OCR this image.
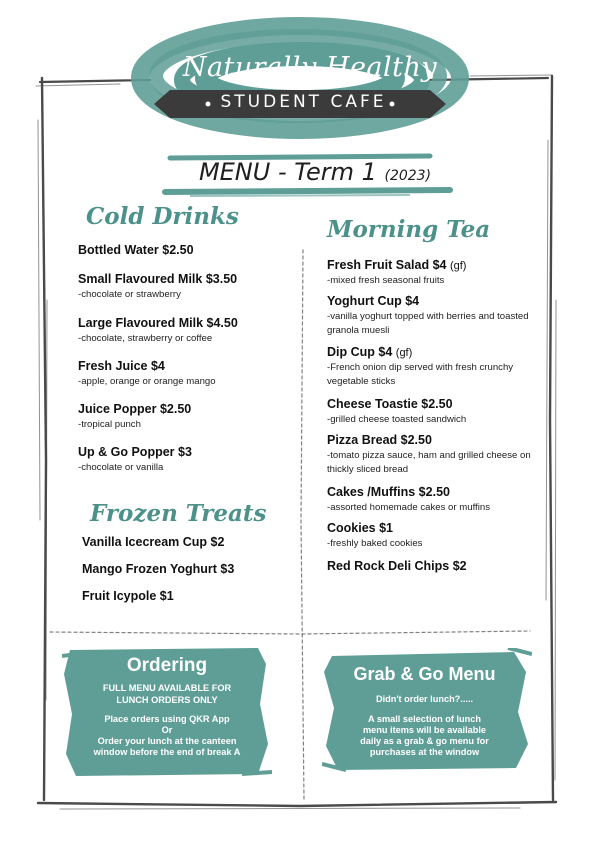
Naturally Healthy
STUDENT CAFE
MENU - Term 1 (2023)
Cold Drinks
Bottled Water $2.50
Small Flavoured Milk $3.50
-chocolate or strawberry
Large Flavoured Milk $4.50
-chocolate, strawberry or coffee
Fresh Juice $4
-apple, orange or orange mango
Juice Popper $2.50
-tropical punch
Up & Go Popper $3
-chocolate or vanilla
Frozen Treats
Vanilla Icecream Cup $2
Mango Frozen Yoghurt $3
Fruit Icypole $1
Morning Tea
Fresh Fruit Salad $4 (gf)
-mixed fresh seasonal fruits
Yoghurt Cup $4
-vanilla yoghurt topped with berries and toasted granola muesli
Dip Cup $4 (gf)
-French onion dip served with fresh crunchy vegetable sticks
Cheese Toastie $2.50
-grilled cheese toasted sandwich
Pizza Bread $2.50
-tomato pizza sauce, ham and grilled cheese on thickly sliced bread
Cakes /Muffins $2.50
-assorted homemade cakes or muffins
Cookies $1
-freshly baked cookies
Red Rock Deli Chips $2
Ordering
FULL MENU AVAILABLE FOR
LUNCH ORDERS ONLY
Place orders using QKR App
Or
Order your lunch at the canteen
window before the end of break A
Grab & Go Menu
Didn't order lunch?.....
A small selection of lunch
menu items will be available
daily as a grab & go menu for
purchases at the window
